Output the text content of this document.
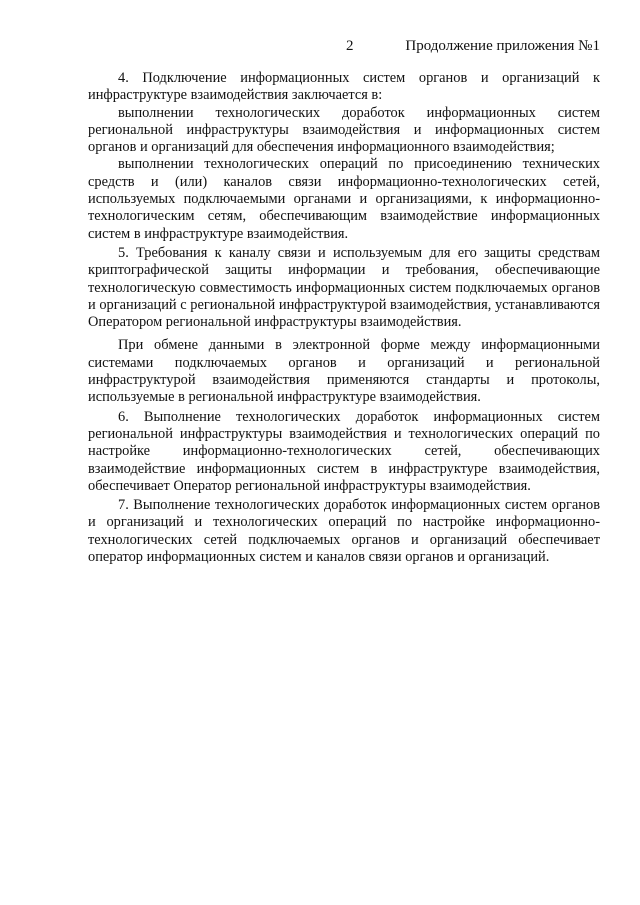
2	Продолжение приложения №1

4. Подключение информационных систем органов и организаций к инфраструктуре взаимодействия заключается в:

выполнении технологических доработок информационных систем региональной инфраструктуры взаимодействия и информационных систем органов и организаций для обеспечения информационного взаимодействия;

выполнении технологических операций по присоединению технических средств и (или) каналов связи информационно-технологических сетей, используемых подключаемыми органами и организациями, к информационно-технологическим сетям, обеспечивающим взаимодействие информационных систем в инфраструктуре взаимодействия.

5. Требования к каналу связи и используемым для его защиты средствам криптографической защиты информации и требования, обеспечивающие технологическую совместимость информационных систем подключаемых органов и организаций с региональной инфраструктурой взаимодействия, устанавливаются Оператором региональной инфраструктуры взаимодействия.

При обмене данными в электронной форме между информационными системами подключаемых органов и организаций и региональной инфраструктурой взаимодействия применяются стандарты и протоколы, используемые в региональной инфраструктуре взаимодействия.

6. Выполнение технологических доработок информационных систем региональной инфраструктуры взаимодействия и технологических операций по настройке информационно-технологических сетей, обеспечивающих взаимодействие информационных систем в инфраструктуре взаимодействия, обеспечивает Оператор региональной инфраструктуры взаимодействия.

7. Выполнение технологических доработок информационных систем органов и организаций и технологических операций по настройке информационно-технологических сетей подключаемых органов и организаций обеспечивает оператор информационных систем и каналов связи органов и организаций.
